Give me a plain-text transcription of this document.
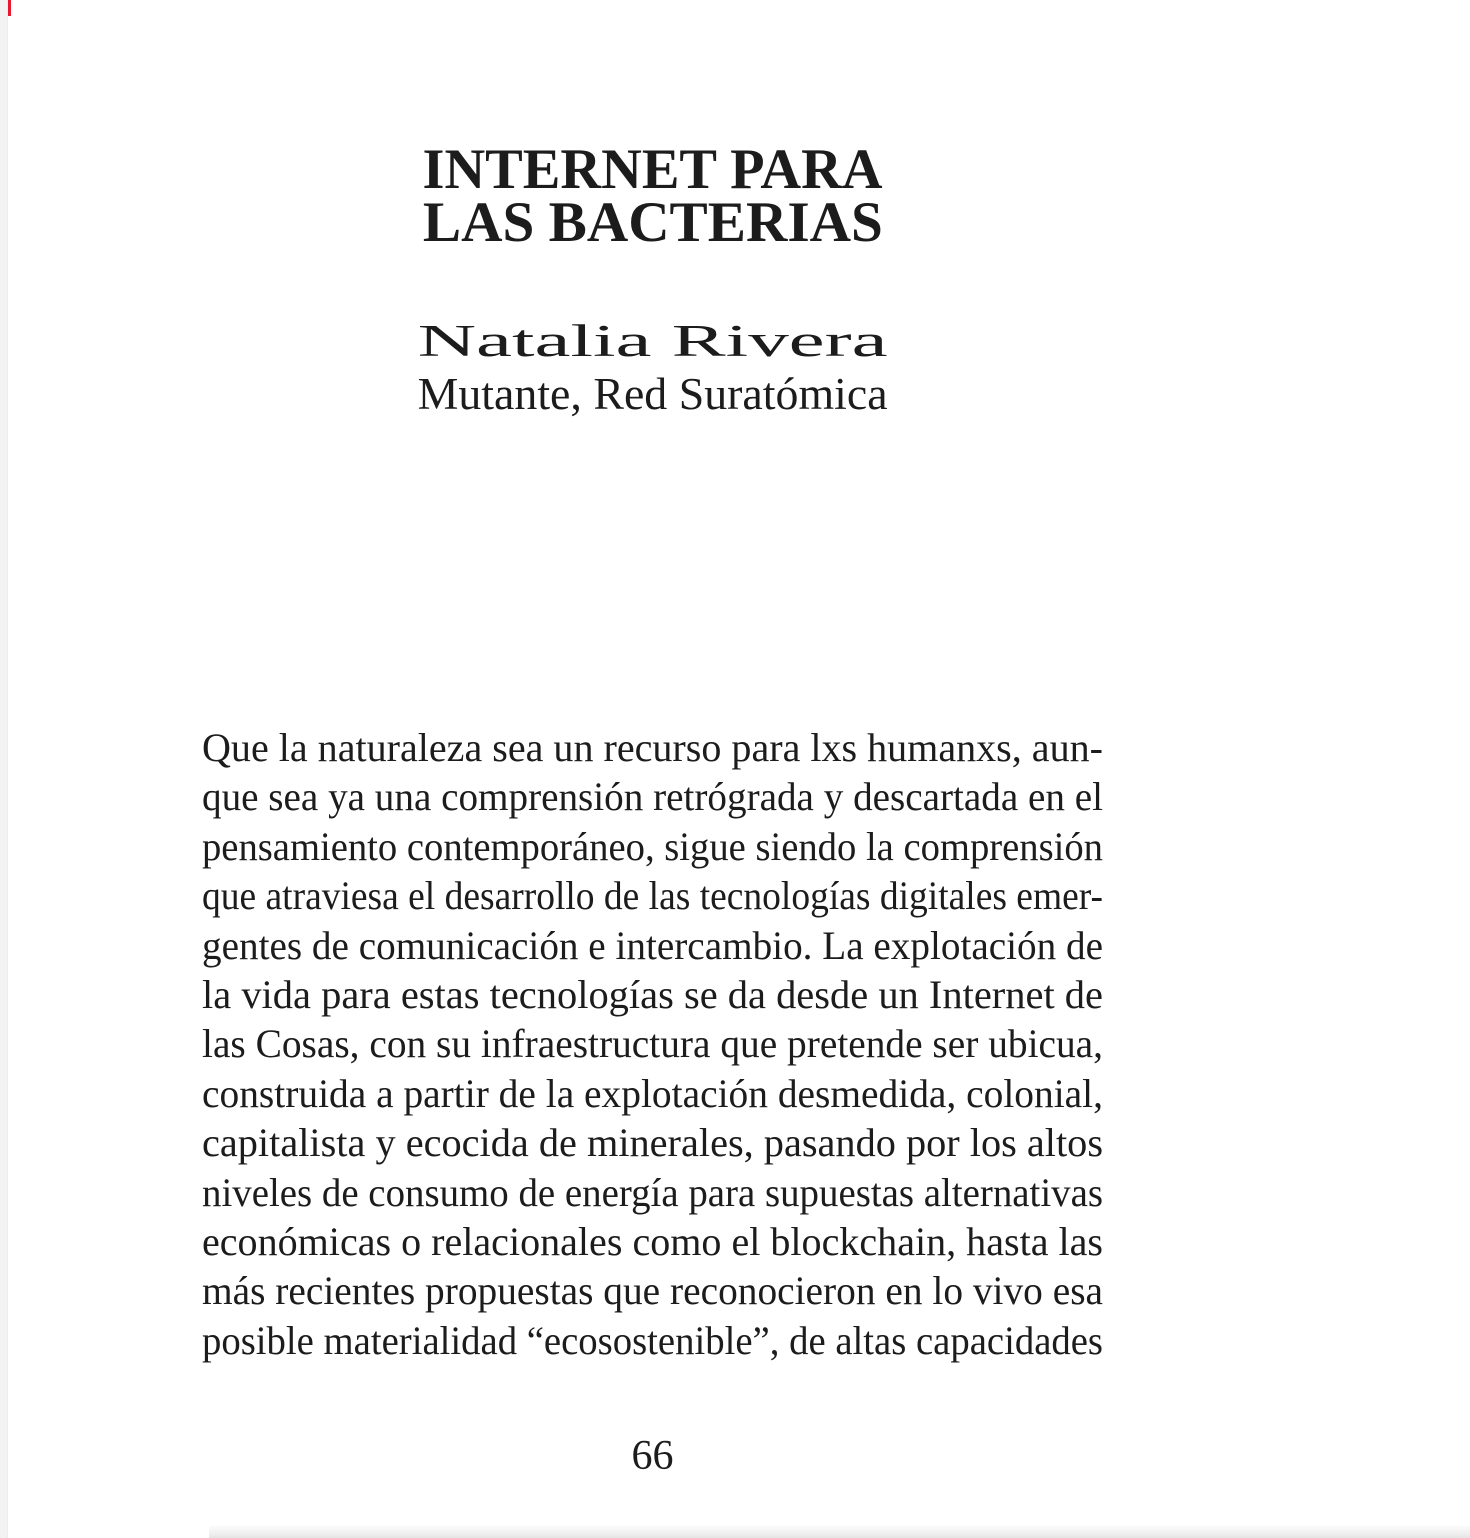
INTERNET PARA
LAS BACTERIAS
Natalia Rivera
Mutante, Red Suratómica
Que la naturaleza sea un recurso para lxs humanxs, aun-
que sea ya una comprensión retrógrada y descartada en el
pensamiento contemporáneo, sigue siendo la comprensión
que atraviesa el desarrollo de las tecnologías digitales emer-
gentes de comunicación e intercambio. La explotación de
la vida para estas tecnologías se da desde un Internet de
las Cosas, con su infraestructura que pretende ser ubicua,
construida a partir de la explotación desmedida, colonial,
capitalista y ecocida de minerales, pasando por los altos
niveles de consumo de energía para supuestas alternativas
económicas o relacionales como el blockchain, hasta las
más recientes propuestas que reconocieron en lo vivo esa
posible materialidad “ecosostenible”, de altas capacidades
66
